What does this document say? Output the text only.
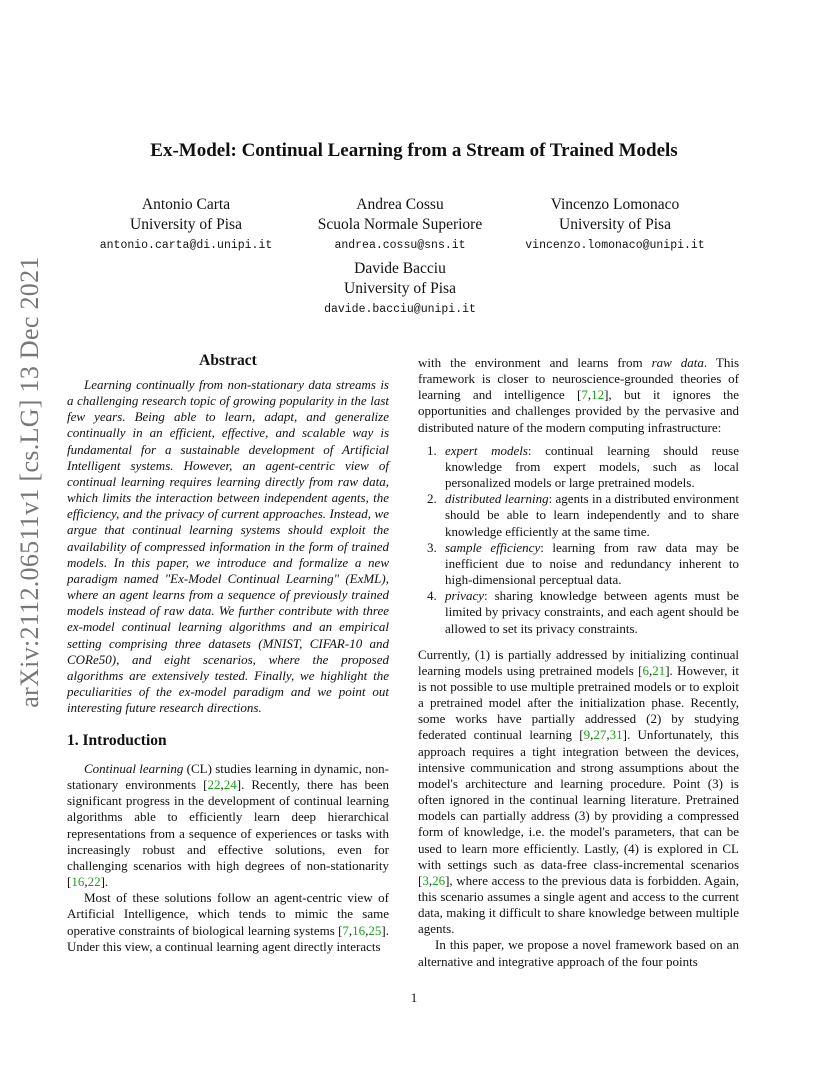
arXiv:2112.06511v1 [cs.LG] 13 Dec 2021
Ex-Model: Continual Learning from a Stream of Trained Models
Antonio Carta
University of Pisa
antonio.carta@di.unipi.it
Andrea Cossu
Scuola Normale Superiore
andrea.cossu@sns.it
Vincenzo Lomonaco
University of Pisa
vincenzo.lomonaco@unipi.it
Davide Bacciu
University of Pisa
davide.bacciu@unipi.it
Abstract

Learning continually from non-stationary data streams is a challenging research topic of growing popularity in the last few years. Being able to learn, adapt, and generalize continually in an efficient, effective, and scalable way is fundamental for a sustainable development of Artificial Intelligent systems. However, an agent-centric view of continual learning requires learning directly from raw data, which limits the interaction between independent agents, the efficiency, and the privacy of current approaches. Instead, we argue that continual learning systems should exploit the availability of compressed information in the form of trained models. In this paper, we introduce and formalize a new paradigm named "Ex-Model Continual Learning" (ExML), where an agent learns from a sequence of previously trained models instead of raw data. We further contribute with three ex-model continual learning algorithms and an empirical setting comprising three datasets (MNIST, CIFAR-10 and CORe50), and eight scenarios, where the proposed algorithms are extensively tested. Finally, we highlight the peculiarities of the ex-model paradigm and we point out interesting future research directions.

1. Introduction

Continual learning (CL) studies learning in dynamic, non-stationary environments [22,24]. Recently, there has been significant progress in the development of continual learning algorithms able to efficiently learn deep hierarchical representations from a sequence of experiences or tasks with increasingly robust and effective solutions, even for challenging scenarios with high degrees of non-stationarity [16,22].

Most of these solutions follow an agent-centric view of Artificial Intelligence, which tends to mimic the same operative constraints of biological learning systems [7,16,25]. Under this view, a continual learning agent directly interacts

with the environment and learns from raw data. This framework is closer to neuroscience-grounded theories of learning and intelligence [7,12], but it ignores the opportunities and challenges provided by the pervasive and distributed nature of the modern computing infrastructure:

1. expert models: continual learning should reuse knowledge from expert models, such as local personalized models or large pretrained models.
2. distributed learning: agents in a distributed environment should be able to learn independently and to share knowledge efficiently at the same time.
3. sample efficiency: learning from raw data may be inefficient due to noise and redundancy inherent to high-dimensional perceptual data.
4. privacy: sharing knowledge between agents must be limited by privacy constraints, and each agent should be allowed to set its privacy constraints.

Currently, (1) is partially addressed by initializing continual learning models using pretrained models [6,21]. However, it is not possible to use multiple pretrained models or to exploit a pretrained model after the initialization phase. Recently, some works have partially addressed (2) by studying federated continual learning [9,27,31]. Unfortunately, this approach requires a tight integration between the devices, intensive communication and strong assumptions about the model's architecture and learning procedure. Point (3) is often ignored in the continual learning literature. Pretrained models can partially address (3) by providing a compressed form of knowledge, i.e. the model's parameters, that can be used to learn more efficiently. Lastly, (4) is explored in CL with settings such as data-free class-incremental scenarios [3,26], where access to the previous data is forbidden. Again, this scenario assumes a single agent and access to the current data, making it difficult to share knowledge between multiple agents.

In this paper, we propose a novel framework based on an alternative and integrative approach of the four points

1
